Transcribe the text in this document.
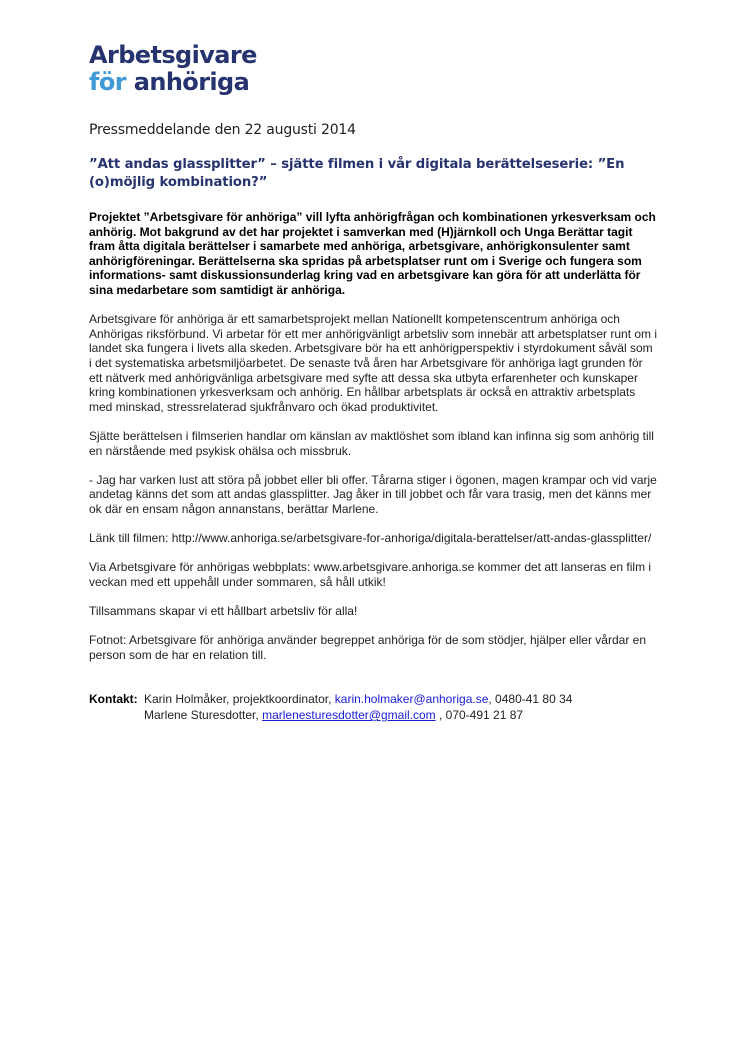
Arbetsgivare
för anhöriga
Pressmeddelande den 22 augusti 2014
”Att andas glassplitter” – sjätte filmen i vår digitala berättelseserie: ”En (o)möjlig kombination?”
Projektet ”Arbetsgivare för anhöriga” vill lyfta anhörigfrågan och kombinationen yrkesverksam och anhörig. Mot bakgrund av det har projektet i samverkan med (H)järnkoll och Unga Berättar tagit fram åtta digitala berättelser i samarbete med anhöriga, arbetsgivare, anhörigkonsulenter samt anhörigföreningar. Berättelserna ska spridas på arbetsplatser runt om i Sverige och fungera som informations- samt diskussionsunderlag kring vad en arbetsgivare kan göra för att underlätta för sina medarbetare som samtidigt är anhöriga.
Arbetsgivare för anhöriga är ett samarbetsprojekt mellan Nationellt kompetenscentrum anhöriga och Anhörigas riksförbund. Vi arbetar för ett mer anhörigvänligt arbetsliv som innebär att arbetsplatser runt om i landet ska fungera i livets alla skeden. Arbetsgivare bör ha ett anhörigperspektiv i styrdokument såväl som i det systematiska arbetsmiljöarbetet. De senaste två åren har Arbetsgivare för anhöriga lagt grunden för ett nätverk med anhörigvänliga arbetsgivare med syfte att dessa ska utbyta erfarenheter och kunskaper kring kombinationen yrkesverksam och anhörig. En hållbar arbetsplats är också en attraktiv arbetsplats med minskad, stressrelaterad sjukfrånvaro och ökad produktivitet.
Sjätte berättelsen i filmserien handlar om känslan av maktlöshet som ibland kan infinna sig som anhörig till en närstående med psykisk ohälsa och missbruk.
- Jag har varken lust att störa på jobbet eller bli offer. Tårarna stiger i ögonen, magen krampar och vid varje andetag känns det som att andas glassplitter. Jag åker in till jobbet och får vara trasig, men det känns mer ok där en ensam någon annanstans, berättar Marlene.
Länk till filmen: http://www.anhoriga.se/arbetsgivare-for-anhoriga/digitala-berattelser/att-andas-glassplitter/
Via Arbetsgivare för anhörigas webbplats: www.arbetsgivare.anhoriga.se kommer det att lanseras en film i veckan med ett uppehåll under sommaren, så håll utkik!
Tillsammans skapar vi ett hållbart arbetsliv för alla!
Fotnot: Arbetsgivare för anhöriga använder begreppet anhöriga för de som stödjer, hjälper eller vårdar en person som de har en relation till.
Kontakt: Karin Holmåker, projektkoordinator, karin.holmaker@anhoriga.se, 0480-41 80 34
Marlene Sturesdotter, marlenesturesdotter@gmail.com , 070-491 21 87
